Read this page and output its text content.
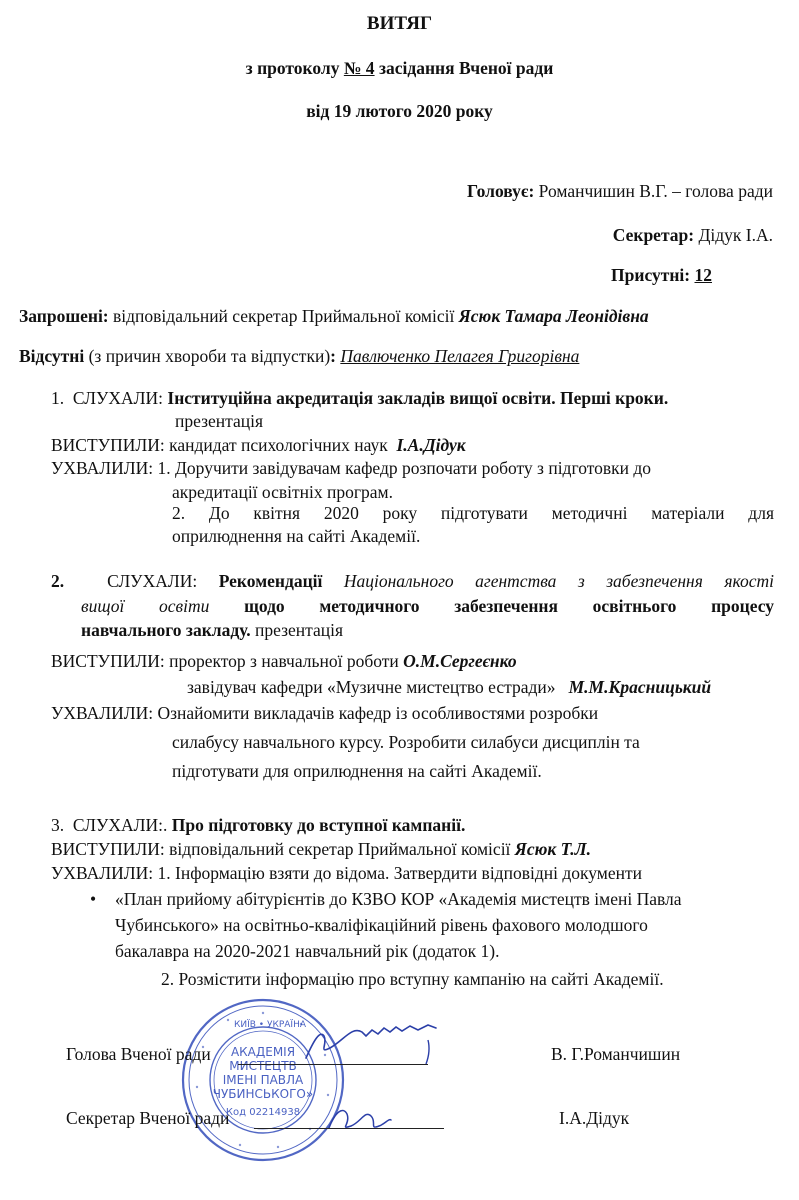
ВИТЯГ
з протоколу № 4 засідання Вченої ради
від 19 лютого 2020 року
Головує: Романчишин В.Г. – голова ради
Секретар: Дідук І.А.
Присутні: 12
Запрошені: відповідальний секретар Приймальної комісії Ясюк Тамара Леонідівна
Відсутні (з причин хвороби та відпустки): Павлюченко Пелагея Григорівна
1. СЛУХАЛИ: Інституційна акредитація закладів вищої освіти. Перші кроки.
презентація
ВИСТУПИЛИ: кандидат психологічних наук І.А.Дідук
УХВАЛИЛИ: 1. Доручити завідувачам кафедр розпочати роботу з підготовки до
акредитації освітніх програм.
2. До квітня 2020 року підготувати методичні матеріали для
оприлюднення на сайті Академії.
2. СЛУХАЛИ: Рекомендації Національного агентства з забезпечення якості
вищої освіти щодо методичного забезпечення освітнього процесу
навчального закладу. презентація
ВИСТУПИЛИ: проректор з навчальної роботи О.М.Сергеєнко
завідувач кафедри «Музичне мистецтво естради» М.М.Красницький
УХВАЛИЛИ: Ознайомити викладачів кафедр із особливостями розробки
силабусу навчального курсу. Розробити силабуси дисциплін та
підготувати для оприлюднення на сайті Академії.
3. СЛУХАЛИ:. Про підготовку до вступної кампанії.
ВИСТУПИЛИ: відповідальний секретар Приймальної комісії Ясюк Т.Л.
УХВАЛИЛИ: 1. Інформацію взяти до відома. Затвердити відповідні документи
• «План прийому абітурієнтів до КЗВО КОР «Академія мистецтв імені Павла
Чубинського» на освітньо-кваліфікаційний рівень фахового молодшого
бакалавра на 2020-2021 навчальний рік (додаток 1).
2. Розмістити інформацію про вступну кампанію на сайті Академії.
КИЇВ • УКРАЇНА
АКАДЕМІЯ
МИСТЕЦТВ
ІМЕНІ ПАВЛА
ЧУБИНСЬКОГО»
Код 02214938
Голова Вченої ради	В. Г.Романчишин
Секретар Вченої ради	І.А.Дідук
